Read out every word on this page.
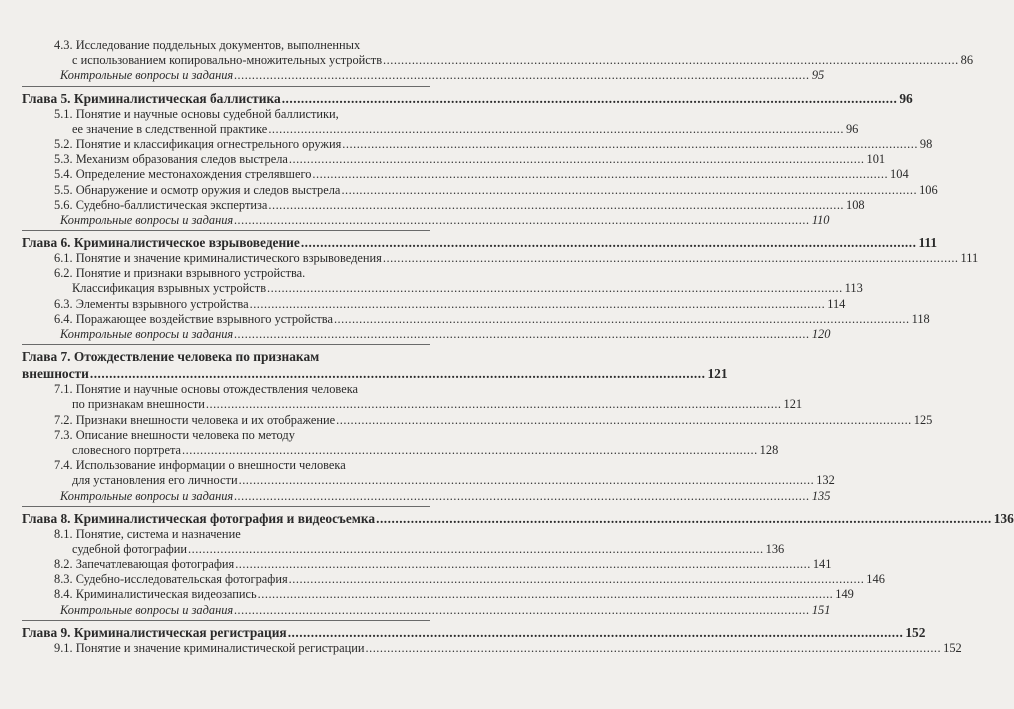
4.3. Исследование поддельных документов, выполненных
с использованием копировально-множительных устройств .....	86
Контрольные вопросы и задания .....	95
Глава 5. Криминалистическая баллистика .....	96
5.1. Понятие и научные основы судебной баллистики,
ее значение в следственной практике .....	96
5.2. Понятие и классификация огнестрельного оружия .....	98
5.3. Механизм образования следов выстрела .....	101
5.4. Определение местонахождения стрелявшего .....	104
5.5. Обнаружение и осмотр оружия и следов выстрела .....	106
5.6. Судебно-баллистическая экспертиза .....	108
Контрольные вопросы и задания .....	110
Глава 6. Криминалистическое взрывоведение .....	111
6.1. Понятие и значение криминалистического взрывоведения .....	111
6.2. Понятие и признаки взрывного устройства.
Классификация взрывных устройств .....	113
6.3. Элементы взрывного устройства .....	114
6.4. Поражающее воздействие взрывного устройства .....	118
Контрольные вопросы и задания .....	120
Глава 7. Отождествление человека по признакам
внешности .....	121
7.1. Понятие и научные основы отождествления человека
по признакам внешности .....	121
7.2. Признаки внешности человека и их отображение .....	125
7.3. Описание внешности человека по методу
словесного портрета .....	128
7.4. Использование информации о внешности человека
для установления его личности .....	132
Контрольные вопросы и задания .....	135
Глава 8. Криминалистическая фотография и видеосъемка .....	136
8.1. Понятие, система и назначение
судебной фотографии .....	136
8.2. Запечатлевающая фотография .....	141
8.3. Судебно-исследовательская фотография .....	146
8.4. Криминалистическая видеозапись .....	149
Контрольные вопросы и задания .....	151
Глава 9. Криминалистическая регистрация .....	152
9.1. Понятие и значение криминалистической регистрации .....	152
